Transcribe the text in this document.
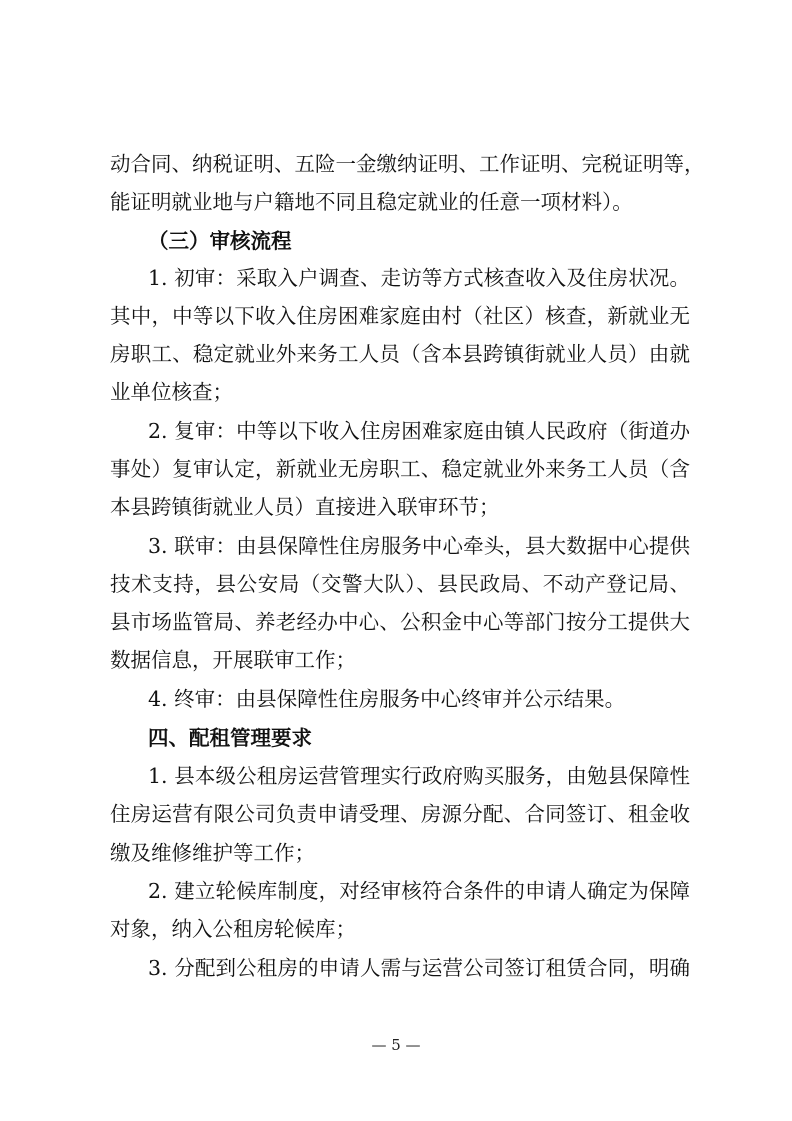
动合同、纳税证明、五险一金缴纳证明、工作证明、完税证明等，
能证明就业地与户籍地不同且稳定就业的任意一项材料）。
（三）审核流程
1. 初审：采取入户调查、走访等方式核查收入及住房状况。
其中，中等以下收入住房困难家庭由村（社区）核查，新就业无
房职工、稳定就业外来务工人员（含本县跨镇街就业人员）由就
业单位核查；
2. 复审：中等以下收入住房困难家庭由镇人民政府（街道办
事处）复审认定，新就业无房职工、稳定就业外来务工人员（含
本县跨镇街就业人员）直接进入联审环节；
3. 联审：由县保障性住房服务中心牵头，县大数据中心提供
技术支持，县公安局（交警大队）、县民政局、不动产登记局、
县市场监管局、养老经办中心、公积金中心等部门按分工提供大
数据信息，开展联审工作；
4. 终审：由县保障性住房服务中心终审并公示结果。
四、配租管理要求
1. 县本级公租房运营管理实行政府购买服务，由勉县保障性
住房运营有限公司负责申请受理、房源分配、合同签订、租金收
缴及维修维护等工作；
2. 建立轮候库制度，对经审核符合条件的申请人确定为保障
对象，纳入公租房轮候库；
3. 分配到公租房的申请人需与运营公司签订租赁合同，明确
— 5 —
